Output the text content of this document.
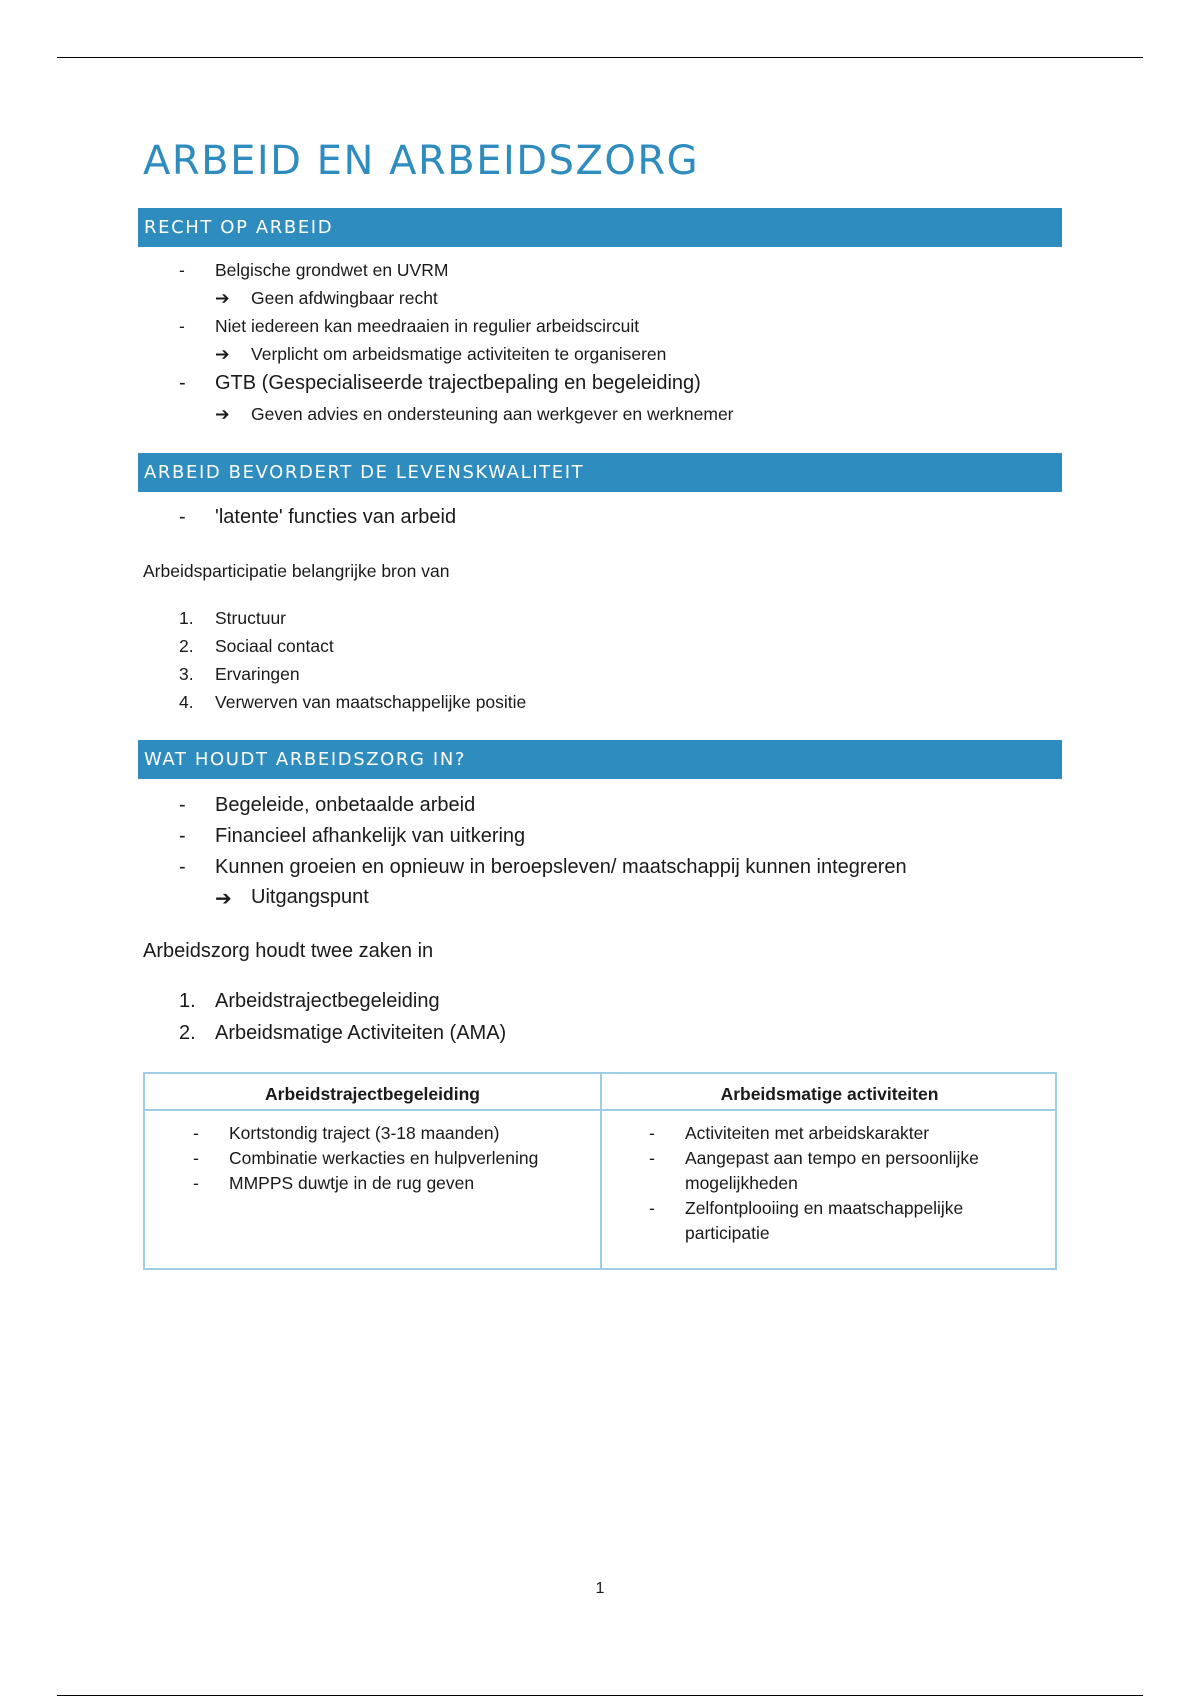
ARBEID EN ARBEIDSZORG
RECHT OP ARBEID
- Belgische grondwet en UVRM
➔ Geen afdwingbaar recht
- Niet iedereen kan meedraaien in regulier arbeidscircuit
➔ Verplicht om arbeidsmatige activiteiten te organiseren
- GTB (Gespecialiseerde trajectbepaling en begeleiding)
➔ Geven advies en ondersteuning aan werkgever en werknemer
ARBEID BEVORDERT DE LEVENSKWALITEIT
- 'latente' functies van arbeid

Arbeidsparticipatie belangrijke bron van

1. Structuur
2. Sociaal contact
3. Ervaringen
4. Verwerven van maatschappelijke positie
WAT HOUDT ARBEIDSZORG IN?
- Begeleide, onbetaalde arbeid
- Financieel afhankelijk van uitkering
- Kunnen groeien en opnieuw in beroepsleven/ maatschappij kunnen integreren
➔ Uitgangspunt

Arbeidszorg houdt twee zaken in

1. Arbeidstrajectbegeleiding
2. Arbeidsmatige Activiteiten (AMA)
Arbeidstrajectbegeleiding	Arbeidsmatige activiteiten
- Kortstondig traject (3-18 maanden)
- Combinatie werkacties en hulpverlening
- MMPPS duwtje in de rug geven
- Activiteiten met arbeidskarakter
- Aangepast aan tempo en persoonlijke mogelijkheden
- Zelfontplooiing en maatschappelijke participatie
1
